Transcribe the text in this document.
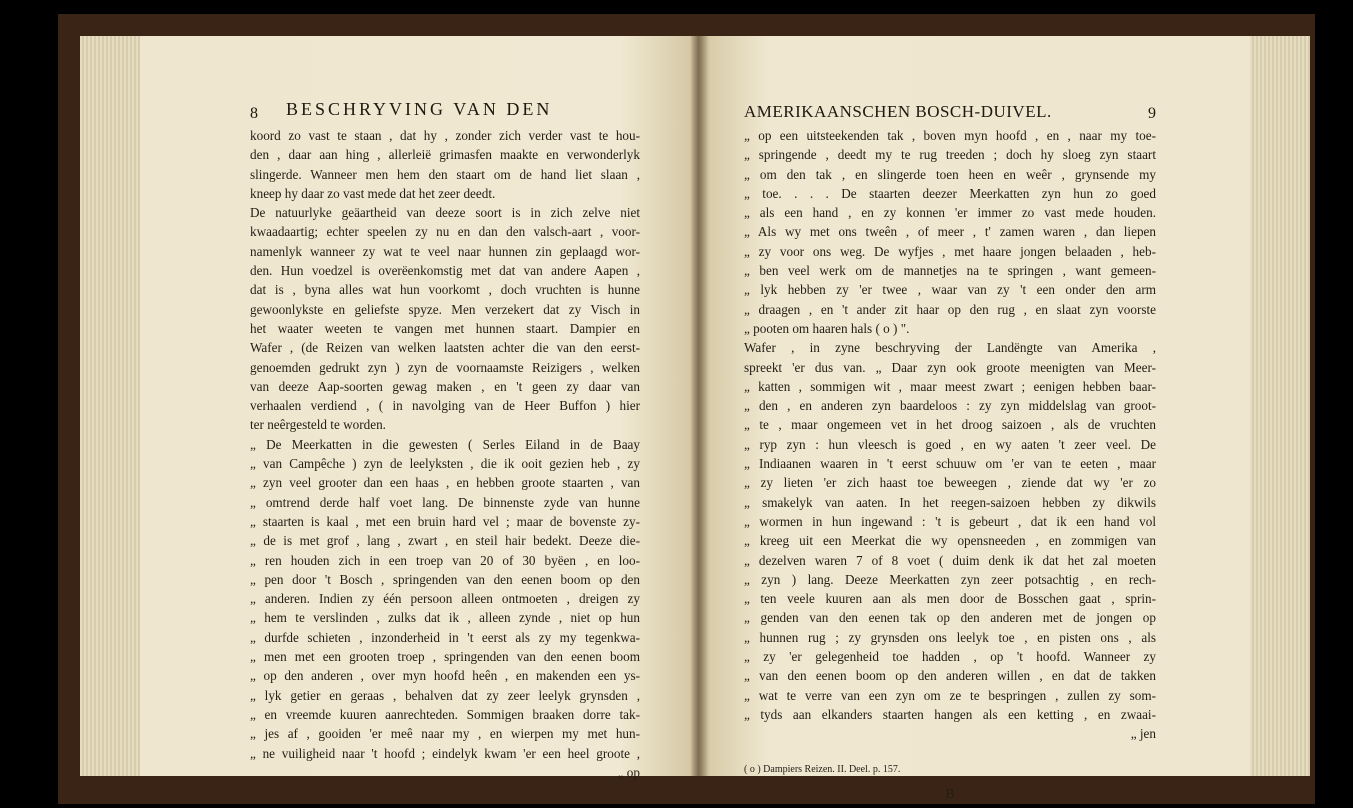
8 BESCHRYVING VAN DEN
koord zo vast te staan , dat hy , zonder zich verder vast te hou-
den , daar aan hing , allerleië grimasfen maakte en verwonderlyk
slingerde. Wanneer men hem den staart om de hand liet slaan ,
kneep hy daar zo vast mede dat het zeer deedt.
De natuurlyke geäartheid van deeze soort is in zich zelve niet
kwaadaartig; echter speelen zy nu en dan den valsch-aart , voor-
namenlyk wanneer zy wat te veel naar hunnen zin geplaagd wor-
den. Hun voedzel is overëenkomstig met dat van andere Aapen ,
dat is , byna alles wat hun voorkomt , doch vruchten is hunne
gewoonlykste en geliefste spyze. Men verzekert dat zy Visch in
het waater weeten te vangen met hunnen staart. Dampier en
Wafer , (de Reizen van welken laatsten achter die van den eerst-
genoemden gedrukt zyn ) zyn de voornaamste Reizigers , welken
van deeze Aap-soorten gewag maken , en 't geen zy daar van
verhaalen verdiend , ( in navolging van de Heer Buffon ) hier
ter neêrgesteld te worden.
„ De Meerkatten in die gewesten ( Serles Eiland in de Baay
„ van Campêche ) zyn de leelyksten , die ik ooit gezien heb , zy
„ zyn veel grooter dan een haas , en hebben groote staarten , van
„ omtrend derde half voet lang. De binnenste zyde van hunne
„ staarten is kaal , met een bruin hard vel ; maar de bovenste zy-
„ de is met grof , lang , zwart , en steil hair bedekt. Deeze die-
„ ren houden zich in een troep van 20 of 30 byëen , en loo-
„ pen door 't Bosch , springenden van den eenen boom op den
„ anderen. Indien zy één persoon alleen ontmoeten , dreigen zy
„ hem te verslinden , zulks dat ik , alleen zynde , niet op hun
„ durfde schieten , inzonderheid in 't eerst als zy my tegenkwa-
„ men met een grooten troep , springenden van den eenen boom
„ op den anderen , over myn hoofd heên , en makenden een ys-
„ lyk getier en geraas , behalven dat zy zeer leelyk grynsden ,
„ en vreemde kuuren aanrechteden. Sommigen braaken dorre tak-
„ jes af , gooiden 'er meê naar my , en wierpen my met hun-
„ ne vuiligheid naar 't hoofd ; eindelyk kwam 'er een heel groote ,
„ op
AMERIKAANSCHEN BOSCH-DUIVEL.	9
„ op een uitsteekenden tak , boven myn hoofd , en , naar my toe-
„ springende , deedt my te rug treeden ; doch hy sloeg zyn staart
„ om den tak , en slingerde toen heen en weêr , grynsende my
„ toe. . . . De staarten deezer Meerkatten zyn hun zo goed
„ als een hand , en zy konnen 'er immer zo vast mede houden.
„ Als wy met ons tweên , of meer , t' zamen waren , dan liepen
„ zy voor ons weg. De wyfjes , met haare jongen belaaden , heb-
„ ben veel werk om de mannetjes na te springen , want gemeen-
„ lyk hebben zy 'er twee , waar van zy 't een onder den arm
„ draagen , en 't ander zit haar op den rug , en slaat zyn voorste
„ pooten om haaren hals ( o ) ".
Wafer , in zyne beschryving der Landëngte van Amerika ,
spreekt 'er dus van. „ Daar zyn ook groote meenigten van Meer-
„ katten , sommigen wit , maar meest zwart ; eenigen hebben baar-
„ den , en anderen zyn baardeloos : zy zyn middelslag van groot-
„ te , maar ongemeen vet in het droog saizoen , als de vruchten
„ ryp zyn : hun vleesch is goed , en wy aaten 't zeer veel. De
„ Indiaanen waaren in 't eerst schuuw om 'er van te eeten , maar
„ zy lieten 'er zich haast toe beweegen , ziende dat wy 'er zo
„ smakelyk van aaten. In het reegen-saizoen hebben zy dikwils
„ wormen in hun ingewand : 't is gebeurt , dat ik een hand vol
„ kreeg uit een Meerkat die wy opensneeden , en zommigen van
„ dezelven waren 7 of 8 voet ( duim denk ik dat het zal moeten
„ zyn ) lang. Deeze Meerkatten zyn zeer potsachtig , en rech-
„ ten veele kuuren aan als men door de Bosschen gaat , sprin-
„ genden van den eenen tak op den anderen met de jongen op
„ hunnen rug ; zy grynsden ons leelyk toe , en pisten ons , als
„ zy 'er gelegenheid toe hadden , op 't hoofd. Wanneer zy
„ van den eenen boom op den anderen willen , en dat de takken
„ wat te verre van een zyn om ze te bespringen , zullen zy som-
„ tyds aan elkanders staarten hangen als een ketting , en zwaai-
„ jen
( o ) Dampiers Reizen. II. Deel. p. 157.
B
